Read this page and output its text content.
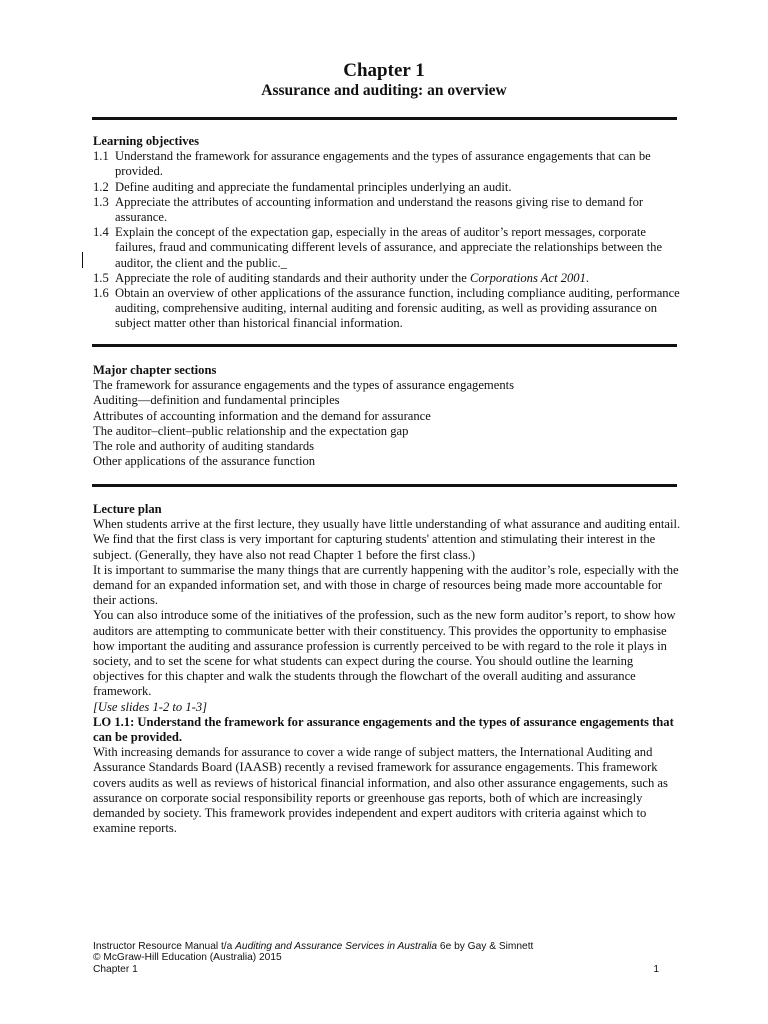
Chapter 1
Assurance and auditing: an overview
Learning objectives
1.1 Understand the framework for assurance engagements and the types of assurance engagements that can be provided.
1.2 Define auditing and appreciate the fundamental principles underlying an audit.
1.3 Appreciate the attributes of accounting information and understand the reasons giving rise to demand for assurance.
1.4 Explain the concept of the expectation gap, especially in the areas of auditor’s report messages, corporate failures, fraud and communicating different levels of assurance, and appreciate the relationships between the auditor, the client and the public._
1.5 Appreciate the role of auditing standards and their authority under the Corporations Act 2001.
1.6 Obtain an overview of other applications of the assurance function, including compliance auditing, performance auditing, comprehensive auditing, internal auditing and forensic auditing, as well as providing assurance on subject matter other than historical financial information.
Major chapter sections
The framework for assurance engagements and the types of assurance engagements
Auditing—definition and fundamental principles
Attributes of accounting information and the demand for assurance
The auditor–client–public relationship and the expectation gap
The role and authority of auditing standards
Other applications of the assurance function
Lecture plan

When students arrive at the first lecture, they usually have little understanding of what assurance and auditing entail. We find that the first class is very important for capturing students' attention and stimulating their interest in the subject. (Generally, they have also not read Chapter 1 before the first class.)

It is important to summarise the many things that are currently happening with the auditor’s role, especially with the demand for an expanded information set, and with those in charge of resources being made more accountable for their actions.

You can also introduce some of the initiatives of the profession, such as the new form auditor’s report, to show how auditors are attempting to communicate better with their constituency. This provides the opportunity to emphasise how important the auditing and assurance profession is currently perceived to be with regard to the role it plays in society, and to set the scene for what students can expect during the course. You should outline the learning objectives for this chapter and walk the students through the flowchart of the overall auditing and assurance framework.

[Use slides 1-2 to 1-3]

LO 1.1: Understand the framework for assurance engagements and the types of assurance engagements that can be provided.

With increasing demands for assurance to cover a wide range of subject matters, the International Auditing and Assurance Standards Board (IAASB) recently a revised framework for assurance engagements. This framework covers audits as well as reviews of historical financial information, and also other assurance engagements, such as assurance on corporate social responsibility reports or greenhouse gas reports, both of which are increasingly demanded by society. This framework provides independent and expert auditors with criteria against which to examine reports.

Instructor Resource Manual t/a Auditing and Assurance Services in Australia 6e by Gay & Simnett
© McGraw-Hill Education (Australia) 2015
Chapter 1	1
